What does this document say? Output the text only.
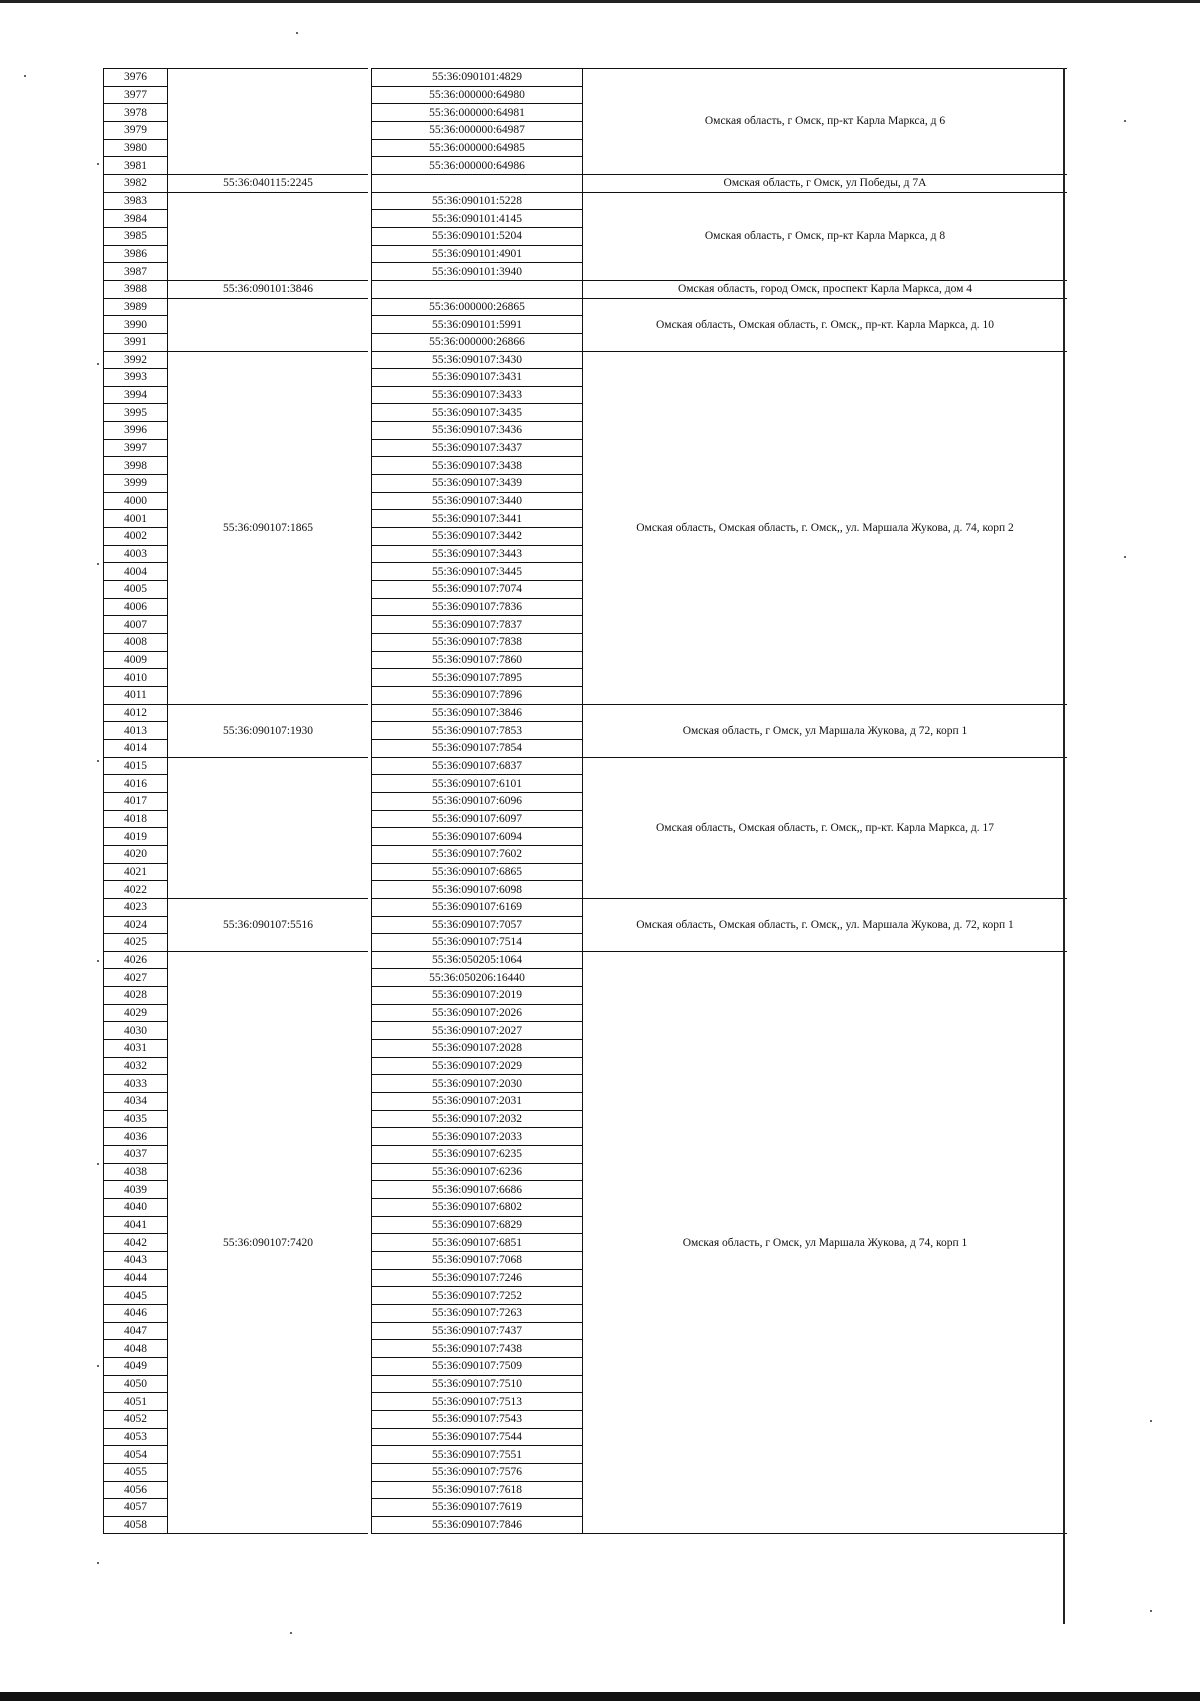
3976			55:36:090101:4829	Омская область, г Омск, пр-кт Карла Маркса, д 6
3977			55:36:000000:64980	
3978			55:36:000000:64981	
3979			55:36:000000:64987	
3980			55:36:000000:64985	
3981			55:36:000000:64986	
3982	55:36:040115:2245			Омская область, г Омск, ул Победы, д 7А
3983			55:36:090101:5228	Омская область, г Омск, пр-кт Карла Маркса, д 8
3984			55:36:090101:4145	
3985			55:36:090101:5204	
3986			55:36:090101:4901	
3987			55:36:090101:3940	
3988	55:36:090101:3846			Омская область, город Омск, проспект Карла Маркса, дом 4
3989			55:36:000000:26865	Омская область, Омская область, г. Омск,, пр-кт. Карла Маркса, д. 10
3990			55:36:090101:5991	
3991			55:36:000000:26866	
3992	55:36:090107:1865		55:36:090107:3430	Омская область, Омская область, г. Омск,, ул. Маршала Жукова, д. 74, корп 2
3993			55:36:090107:3431	
3994			55:36:090107:3433	
3995			55:36:090107:3435	
3996			55:36:090107:3436	
3997			55:36:090107:3437	
3998			55:36:090107:3438	
3999			55:36:090107:3439	
4000			55:36:090107:3440	
4001			55:36:090107:3441	
4002			55:36:090107:3442	
4003			55:36:090107:3443	
4004			55:36:090107:3445	
4005			55:36:090107:7074	
4006			55:36:090107:7836	
4007			55:36:090107:7837	
4008			55:36:090107:7838	
4009			55:36:090107:7860	
4010			55:36:090107:7895	
4011			55:36:090107:7896	
4012	55:36:090107:1930		55:36:090107:3846	Омская область, г Омск, ул Маршала Жукова, д 72, корп 1
4013			55:36:090107:7853	
4014			55:36:090107:7854	
4015			55:36:090107:6837	Омская область, Омская область, г. Омск,, пр-кт. Карла Маркса, д. 17
4016			55:36:090107:6101	
4017			55:36:090107:6096	
4018			55:36:090107:6097	
4019			55:36:090107:6094	
4020			55:36:090107:7602	
4021			55:36:090107:6865	
4022			55:36:090107:6098	
4023	55:36:090107:5516		55:36:090107:6169	Омская область, Омская область, г. Омск,, ул. Маршала Жукова, д. 72, корп 1
4024			55:36:090107:7057	
4025			55:36:090107:7514	
4026	55:36:090107:7420		55:36:050205:1064	Омская область, г Омск, ул Маршала Жукова, д 74, корп 1
4027			55:36:050206:16440	
4028			55:36:090107:2019	
4029			55:36:090107:2026	
4030			55:36:090107:2027	
4031			55:36:090107:2028	
4032			55:36:090107:2029	
4033			55:36:090107:2030	
4034			55:36:090107:2031	
4035			55:36:090107:2032	
4036			55:36:090107:2033	
4037			55:36:090107:6235	
4038			55:36:090107:6236	
4039			55:36:090107:6686	
4040			55:36:090107:6802	
4041			55:36:090107:6829	
4042			55:36:090107:6851	
4043			55:36:090107:7068	
4044			55:36:090107:7246	
4045			55:36:090107:7252	
4046			55:36:090107:7263	
4047			55:36:090107:7437	
4048			55:36:090107:7438	
4049			55:36:090107:7509	
4050			55:36:090107:7510	
4051			55:36:090107:7513	
4052			55:36:090107:7543	
4053			55:36:090107:7544	
4054			55:36:090107:7551	
4055			55:36:090107:7576	
4056			55:36:090107:7618	
4057			55:36:090107:7619	
4058			55:36:090107:7846	
